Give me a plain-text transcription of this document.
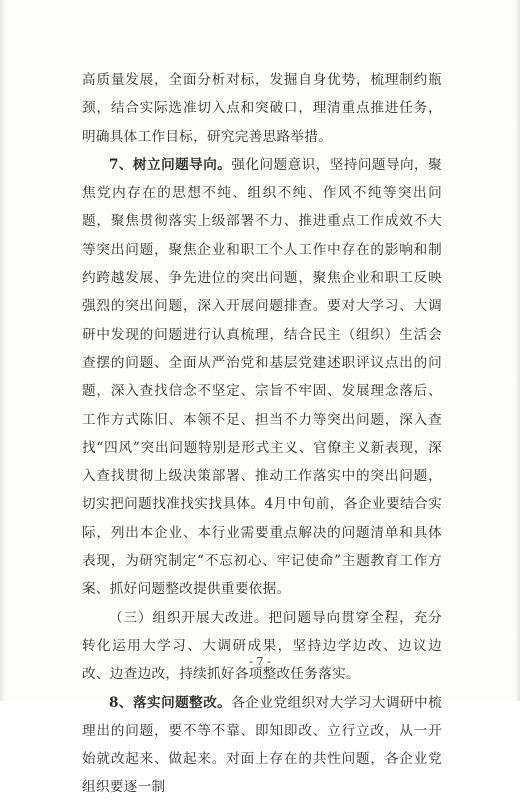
高质量发展，全面分析对标，发掘自身优势，梳理制约瓶颈，结合实际选准切入点和突破口，理清重点推进任务，明确具体工作目标，研究完善思路举措。

7、树立问题导向。强化问题意识，坚持问题导向，聚焦党内存在的思想不纯、组织不纯、作风不纯等突出问题，聚焦贯彻落实上级部署不力、推进重点工作成效不大等突出问题，聚焦企业和职工个人工作中存在的影响和制约跨越发展、争先进位的突出问题，聚焦企业和职工反映强烈的突出问题，深入开展问题排查。要对大学习、大调研中发现的问题进行认真梳理，结合民主（组织）生活会查摆的问题、全面从严治党和基层党建述职评议点出的问题，深入查找信念不坚定、宗旨不牢固、发展理念落后、工作方式陈旧、本领不足、担当不力等突出问题，深入查找“四风”突出问题特别是形式主义、官僚主义新表现，深入查找贯彻上级决策部署、推动工作落实中的突出问题，切实把问题找准找实找具体。4月中旬前，各企业要结合实际，列出本企业、本行业需要重点解决的问题清单和具体表现，为研究制定“不忘初心、牢记使命”主题教育工作方案、抓好问题整改提供重要依据。

（三）组织开展大改进。把问题导向贯穿全程，充分转化运用大学习、大调研成果，坚持边学边改、边议边改、边查边改，持续抓好各项整改任务落实。

8、落实问题整改。各企业党组织对大学习大调研中梳理出的问题，要不等不靠、即知即改、立行立改，从一开始就改起来、做起来。对面上存在的共性问题，各企业党组织要逐一制

- 7 -
